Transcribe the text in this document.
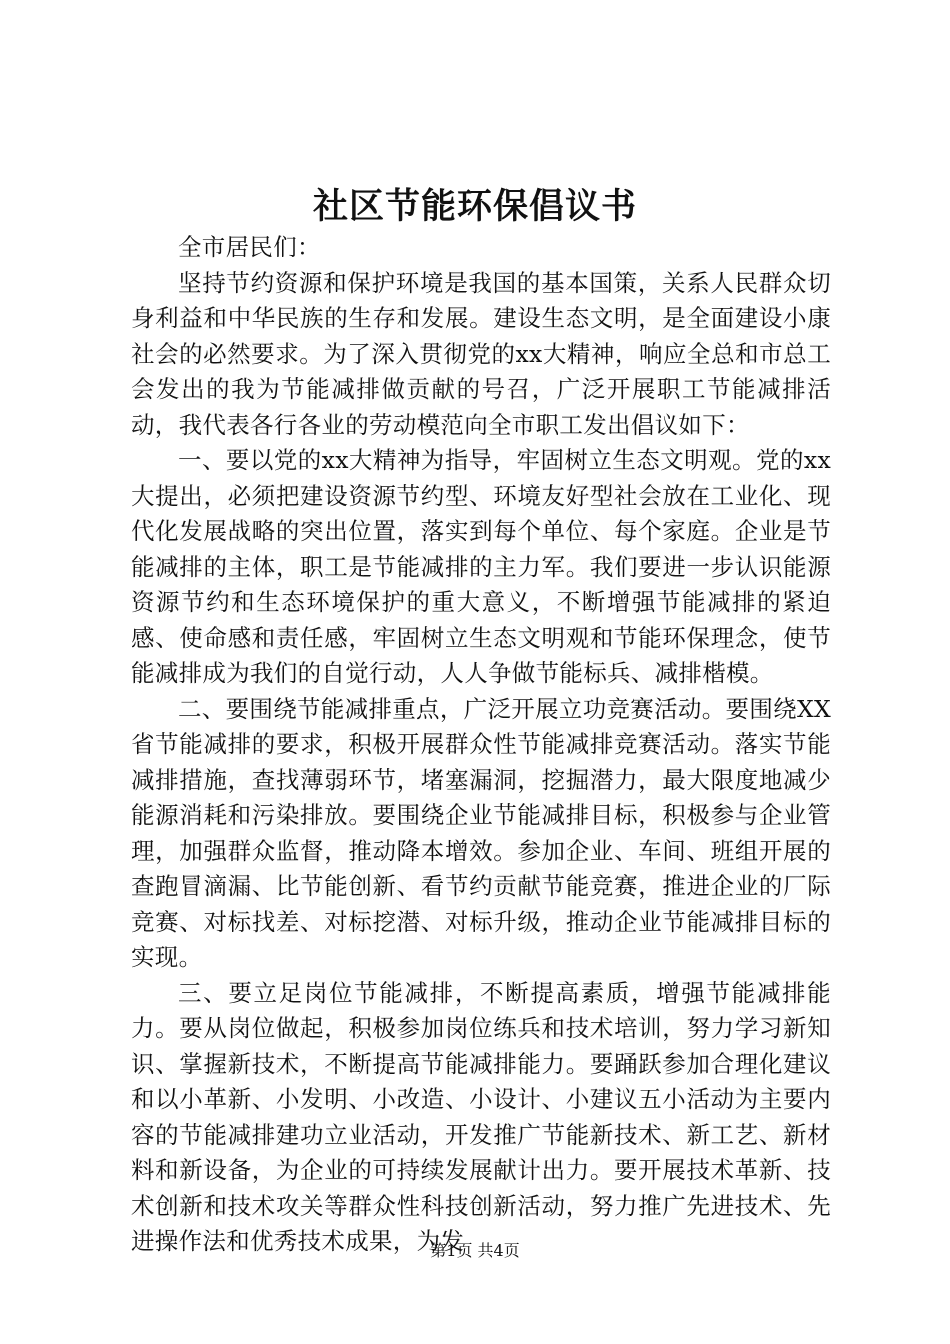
社区节能环保倡议书

全市居民们：

坚持节约资源和保护环境是我国的基本国策，关系人民群众切身利益和中华民族的生存和发展。建设生态文明，是全面建设小康社会的必然要求。为了深入贯彻党的xx大精神，响应全总和市总工会发出的我为节能减排做贡献的号召，广泛开展职工节能减排活动，我代表各行各业的劳动模范向全市职工发出倡议如下：

一、要以党的xx大精神为指导，牢固树立生态文明观。党的xx大提出，必须把建设资源节约型、环境友好型社会放在工业化、现代化发展战略的突出位置，落实到每个单位、每个家庭。企业是节能减排的主体，职工是节能减排的主力军。我们要进一步认识能源资源节约和生态环境保护的重大意义，不断增强节能减排的紧迫感、使命感和责任感，牢固树立生态文明观和节能环保理念，使节能减排成为我们的自觉行动，人人争做节能标兵、减排楷模。

二、要围绕节能减排重点，广泛开展立功竞赛活动。要围绕XX省节能减排的要求，积极开展群众性节能减排竞赛活动。落实节能减排措施，查找薄弱环节，堵塞漏洞，挖掘潜力，最大限度地减少能源消耗和污染排放。要围绕企业节能减排目标，积极参与企业管理，加强群众监督，推动降本增效。参加企业、车间、班组开展的查跑冒滴漏、比节能创新、看节约贡献节能竞赛，推进企业的厂际竞赛、对标找差、对标挖潜、对标升级，推动企业节能减排目标的实现。

三、要立足岗位节能减排，不断提高素质，增强节能减排能力。要从岗位做起，积极参加岗位练兵和技术培训，努力学习新知识、掌握新技术，不断提高节能减排能力。要踊跃参加合理化建议和以小革新、小发明、小改造、小设计、小建议五小活动为主要内容的节能减排建功立业活动，开发推广节能新技术、新工艺、新材料和新设备，为企业的可持续发展献计出力。要开展技术革新、技术创新和技术攻关等群众性科技创新活动，努力推广先进技术、先进操作法和优秀技术成果，为发

第1页 共4页
